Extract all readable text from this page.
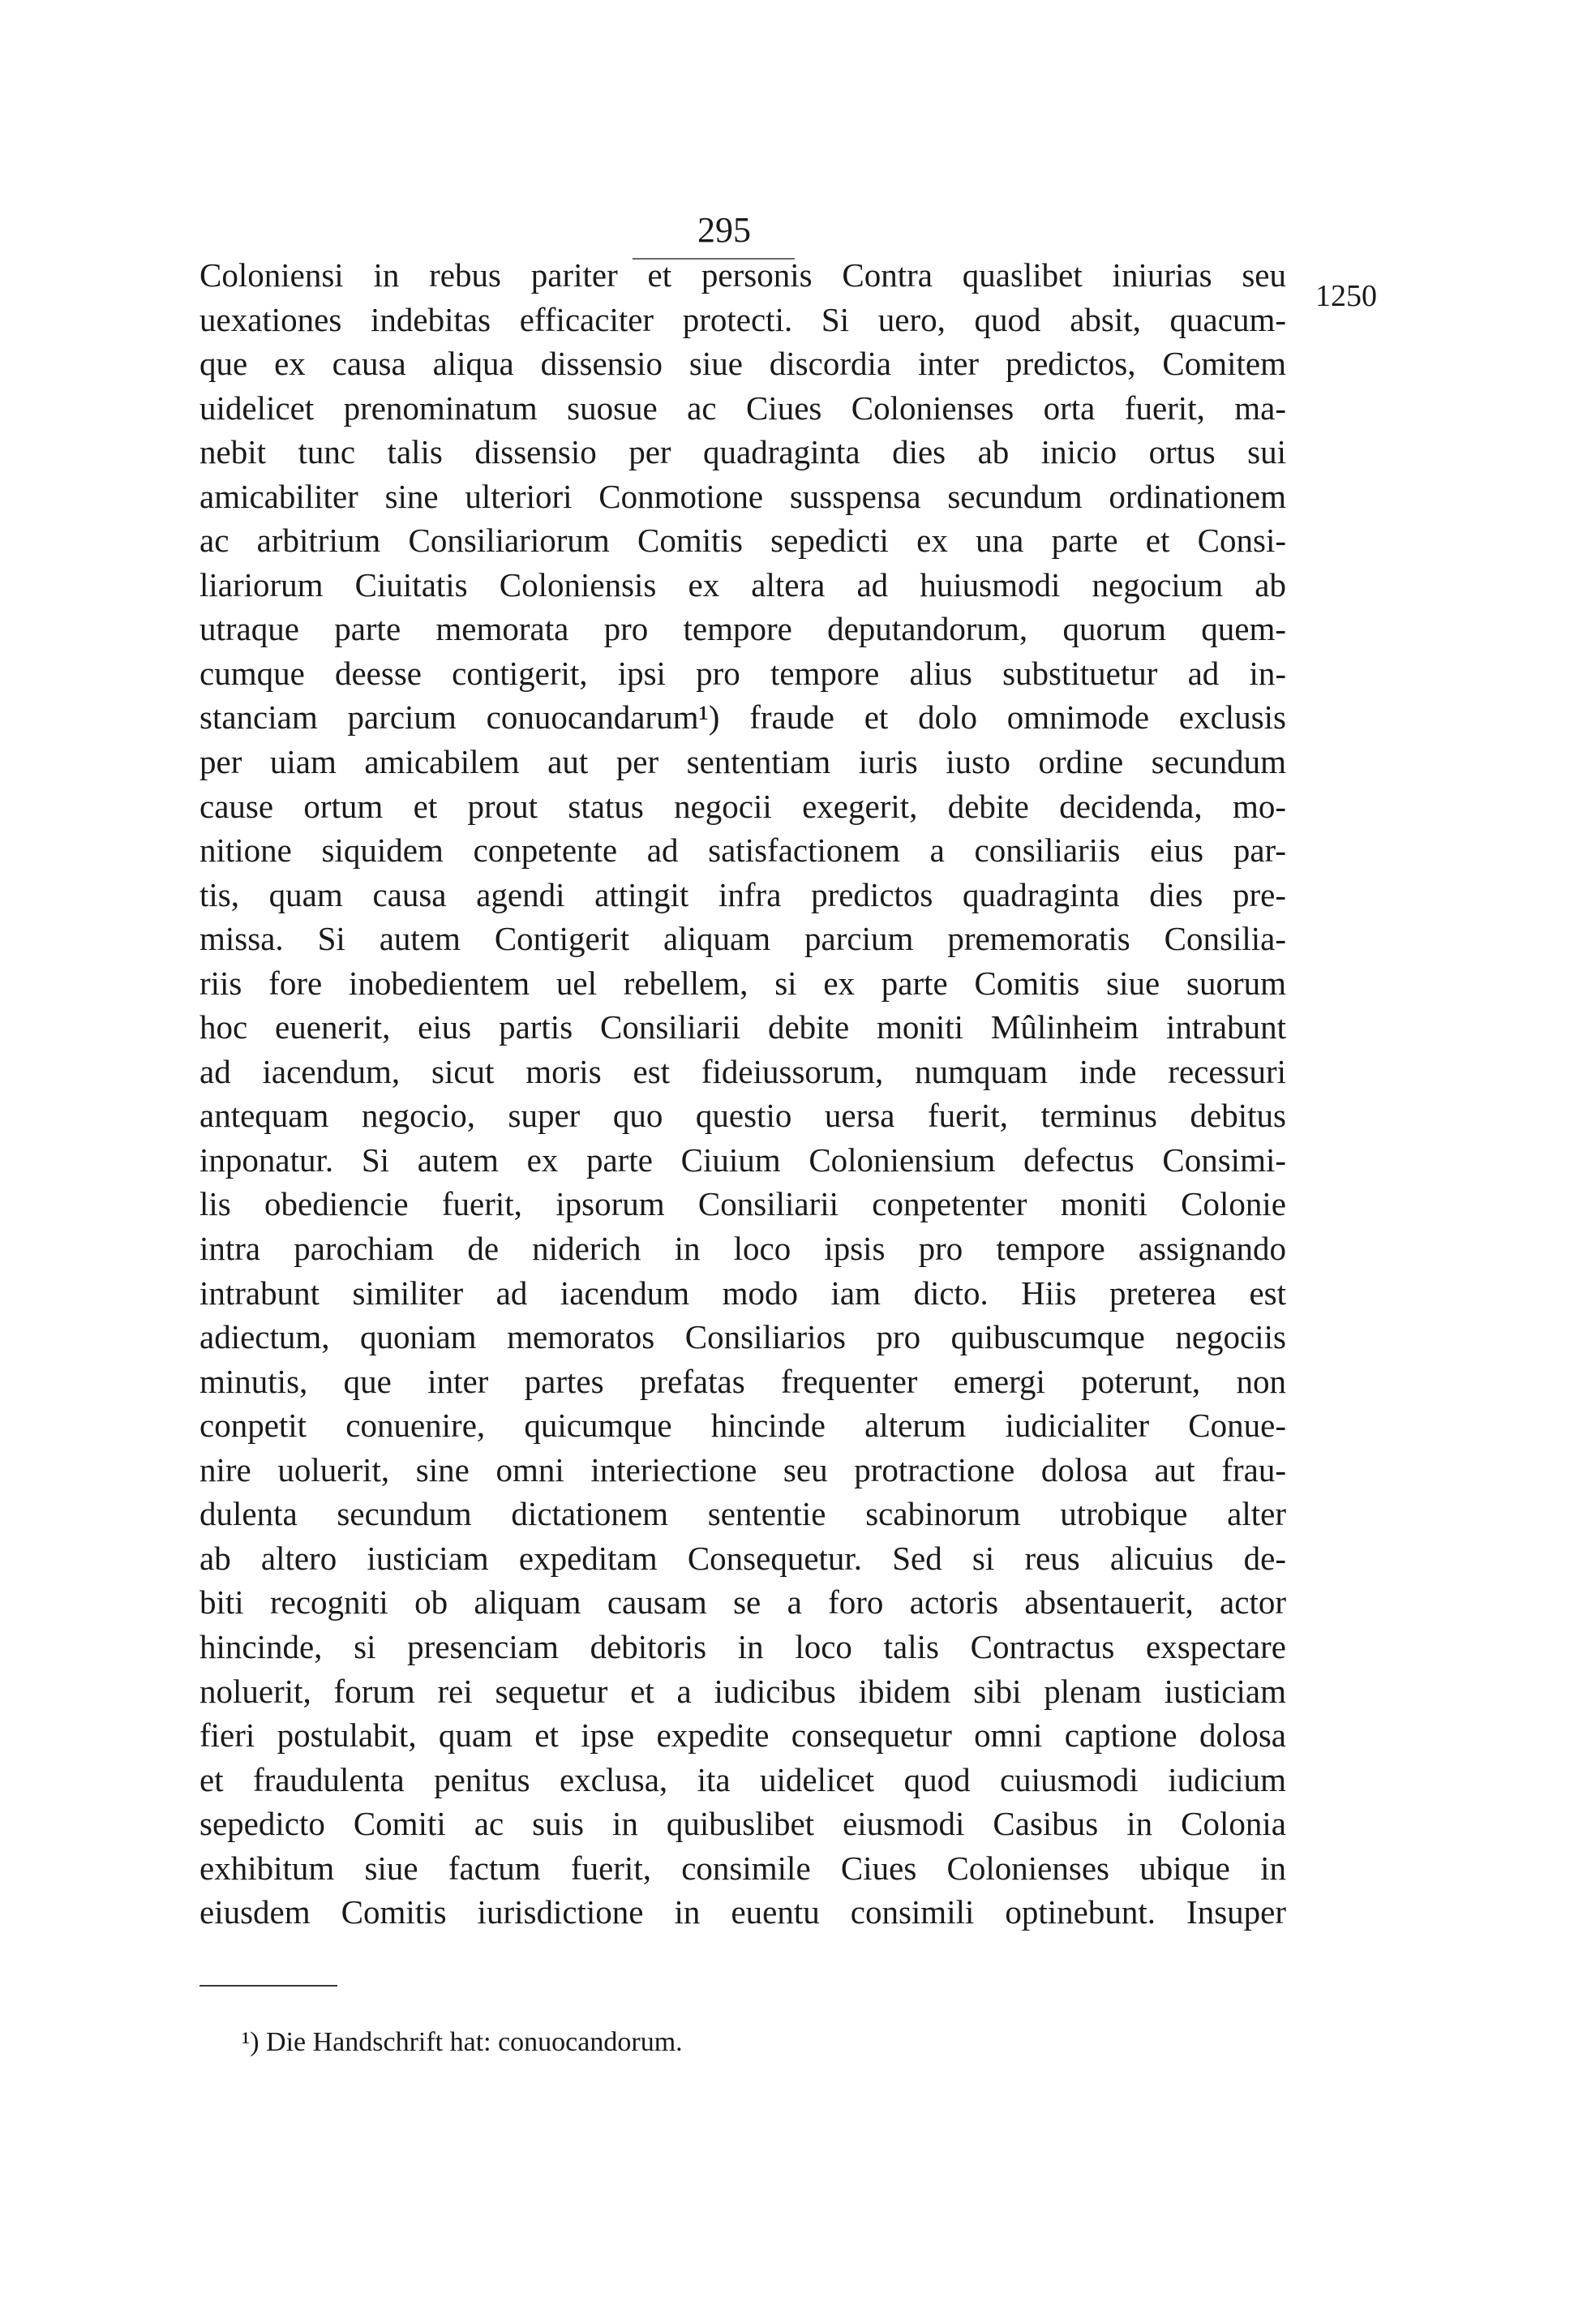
295
1250
Coloniensi in rebus pariter et personis Contra quaslibet iniurias seu
uexationes indebitas efficaciter protecti. Si uero, quod absit, quacum-
que ex causa aliqua dissensio siue discordia inter predictos, Comitem
uidelicet prenominatum suosue ac Ciues Colonienses orta fuerit, ma-
nebit tunc talis dissensio per quadraginta dies ab inicio ortus sui
amicabiliter sine ulteriori Conmotione susspensa secundum ordinationem
ac arbitrium Consiliariorum Comitis sepedicti ex una parte et Consi-
liariorum Ciuitatis Coloniensis ex altera ad huiusmodi negocium ab
utraque parte memorata pro tempore deputandorum, quorum quem-
cumque deesse contigerit, ipsi pro tempore alius substituetur ad in-
stanciam parcium conuocandarum¹) fraude et dolo omnimode exclusis
per uiam amicabilem aut per sententiam iuris iusto ordine secundum
cause ortum et prout status negocii exegerit, debite decidenda, mo-
nitione siquidem conpetente ad satisfactionem a consiliariis eius par-
tis, quam causa agendi attingit infra predictos quadraginta dies pre-
missa. Si autem Contigerit aliquam parcium prememoratis Consilia-
riis fore inobedientem uel rebellem, si ex parte Comitis siue suorum
hoc euenerit, eius partis Consiliarii debite moniti Mûlinheim intrabunt
ad iacendum, sicut moris est fideiussorum, numquam inde recessuri
antequam negocio, super quo questio uersa fuerit, terminus debitus
inponatur. Si autem ex parte Ciuium Coloniensium defectus Consimi-
lis obediencie fuerit, ipsorum Consiliarii conpetenter moniti Colonie
intra parochiam de niderich in loco ipsis pro tempore assignando
intrabunt similiter ad iacendum modo iam dicto. Hiis preterea est
adiectum, quoniam memoratos Consiliarios pro quibuscumque negociis
minutis, que inter partes prefatas frequenter emergi poterunt, non
conpetit conuenire, quicumque hincinde alterum iudicialiter Conue-
nire uoluerit, sine omni interiectione seu protractione dolosa aut frau-
dulenta secundum dictationem sententie scabinorum utrobique alter
ab altero iusticiam expeditam Consequetur. Sed si reus alicuius de-
biti recogniti ob aliquam causam se a foro actoris absentauerit, actor
hincinde, si presenciam debitoris in loco talis Contractus exspectare
noluerit, forum rei sequetur et a iudicibus ibidem sibi plenam iusticiam
fieri postulabit, quam et ipse expedite consequetur omni captione dolosa
et fraudulenta penitus exclusa, ita uidelicet quod cuiusmodi iudicium
sepedicto Comiti ac suis in quibuslibet eiusmodi Casibus in Colonia
exhibitum siue factum fuerit, consimile Ciues Colonienses ubique in
eiusdem Comitis iurisdictione in euentu consimili optinebunt. Insuper
¹) Die Handschrift hat: conuocandorum.
